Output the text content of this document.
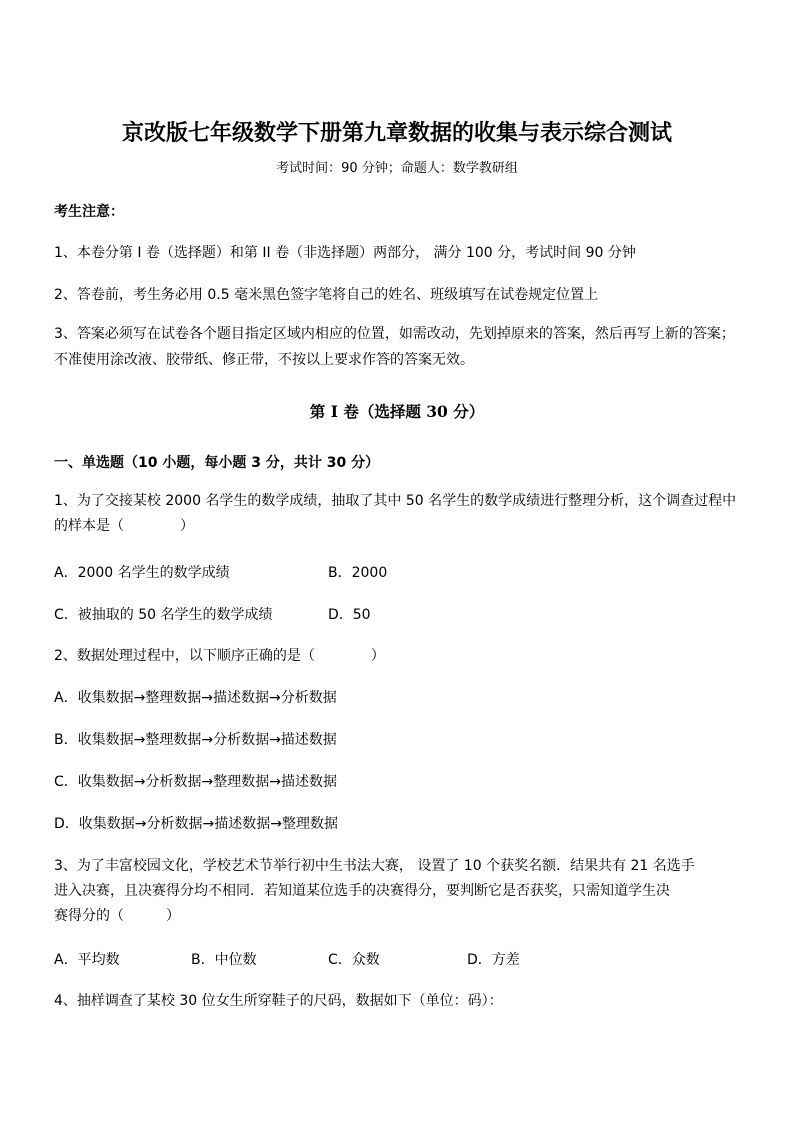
京改版七年级数学下册第九章数据的收集与表示综合测试
考试时间：90 分钟；命题人：数学教研组
考生注意：
1、本卷分第 I 卷（选择题）和第 II 卷（非选择题）两部分， 满分 100 分，考试时间 90 分钟
2、答卷前，考生务必用 0.5 毫米黑色签字笔将自己的姓名、班级填写在试卷规定位置上
3、答案必须写在试卷各个题目指定区域内相应的位置，如需改动，先划掉原来的答案，然后再写上新的答案；不准使用涂改液、胶带纸、修正带，不按以上要求作答的答案无效。
第 I 卷（选择题 30 分）
一、单选题（10 小题，每小题 3 分，共计 30 分）
1、为了交接某校 2000 名学生的数学成绩，抽取了其中 50 名学生的数学成绩进行整理分析，这个调查过程中的样本是（　　　　）
A．2000 名学生的数学成绩	B．2000
C．被抽取的 50 名学生的数学成绩	D．50
2、数据处理过程中，以下顺序正确的是（　　　　）
A．收集数据→整理数据→描述数据→分析数据
B．收集数据→整理数据→分析数据→描述数据
C．收集数据→分析数据→整理数据→描述数据
D．收集数据→分析数据→描述数据→整理数据
3、为了丰富校园文化，学校艺术节举行初中生书法大赛， 设置了 10 个获奖名额．结果共有 21 名选手
进入决赛，且决赛得分均不相同．若知道某位选手的决赛得分，要判断它是否获奖，只需知道学生决
赛得分的（　　　）
A．平均数	B．中位数	C．众数	D．方差
4、抽样调查了某校 30 位女生所穿鞋子的尺码，数据如下（单位：码）：
